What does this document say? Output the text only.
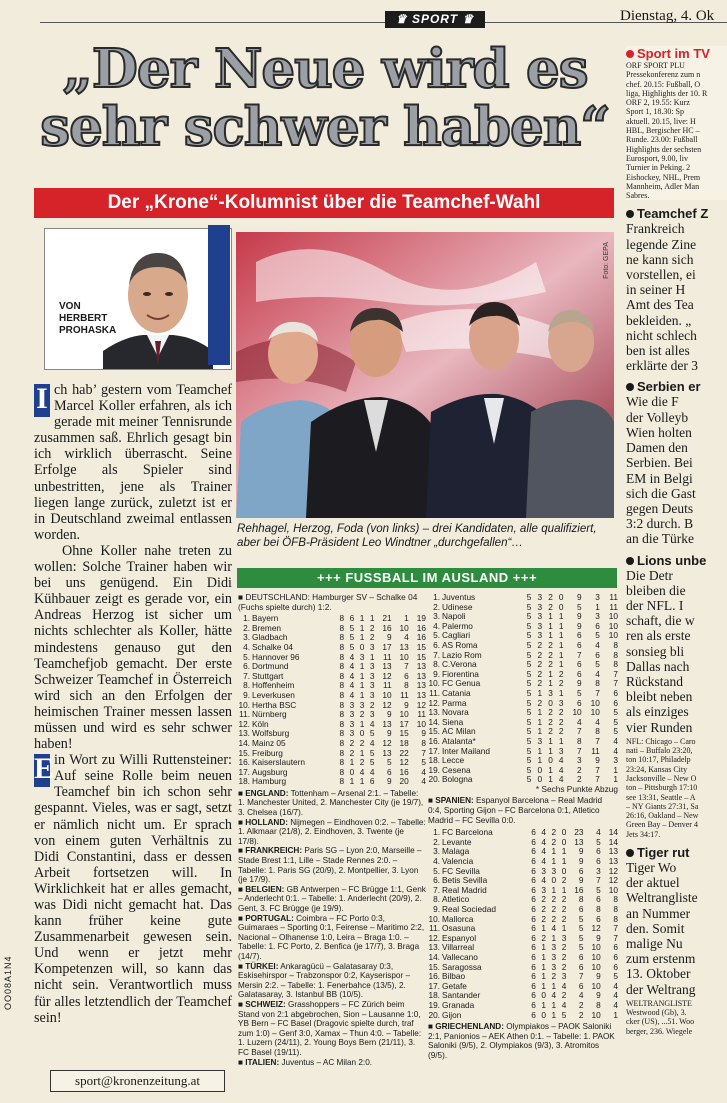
♛ SPORT ♛	Dienstag, 4. Ok
„Der Neue wird es
sehr schwer haben“
Der „Krone“-Kolumnist über die Teamchef-Wahl
VON
HERBERT
PROHASKA

I ch hab’ gestern vom Teamchef Marcel Koller erfahren, als ich gerade mit meiner Tennisrunde zusammen saß. Ehrlich gesagt bin ich wirklich überrascht. Seine Erfolge als Spieler sind unbestritten, jene als Trainer liegen lange zurück, zuletzt ist er in Deutschland zweimal entlassen worden.

Ohne Koller nahe treten zu wollen: Solche Trainer haben wir bei uns genügend. Ein Didi Kühbauer zeigt es gerade vor, ein Andreas Herzog ist sicher um nichts schlechter als Koller, hätte mindestens genauso gut den Teamchefjob gemacht. Der erste Schweizer Teamchef in Österreich wird sich an den Erfolgen der heimischen Trainer messen lassen müssen und wird es sehr schwer haben!

E in Wort zu Willi Ruttensteiner: Auf seine Rolle beim neuen Teamchef bin ich schon sehr gespannt. Vieles, was er sagt, setzt er nämlich nicht um. Er sprach von einem guten Verhältnis zu Didi Constantini, dass er dessen Arbeit fortsetzen will. In Wirklichkeit hat er alles gemacht, was Didi nicht gemacht hat. Das kann früher keine gute Zusammenarbeit gewesen sein. Und wenn er jetzt mehr Kompetenzen will, so kann das nicht sein. Verantwortlich muss für alles letztendlich der Teamchef sein!

sport@kronenzeitung.at
OO08A1N4
Foto: GEPA
Rehhagel, Herzog, Foda (von links) – drei Kandidaten, alle qualifiziert, aber bei ÖFB-Präsident Leo Windtner „durchgefallen“…
+++ FUSSBALL IM AUSLAND +++
■ DEUTSCHLAND: Hamburger SV – Schalke 04 (Fuchs spielte durch) 1:2.
1.	Bayern	8	6	1	1	21	1	19
2.	Bremen	8	5	1	2	16	10	16
3.	Gladbach	8	5	1	2	9	4	16
4.	Schalke 04	8	5	0	3	17	13	15
5.	Hannover 96	8	4	3	1	11	10	15
6.	Dortmund	8	4	1	3	13	7	13
7.	Stuttgart	8	4	1	3	12	6	13
8.	Hoffenheim	8	4	1	3	11	8	13
9.	Leverkusen	8	4	1	3	10	11	13
10.	Hertha BSC	8	3	3	2	12	9	12
11.	Nürnberg	8	3	2	3	9	10	11
12.	Köln	8	3	1	4	13	17	10
13.	Wolfsburg	8	3	0	5	9	15	9
14.	Mainz 05	8	2	2	4	12	18	8
15.	Freiburg	8	2	1	5	13	22	7
16.	Kaiserslautern	8	1	2	5	5	12	5
17.	Augsburg	8	0	4	4	6	16	4
18.	Hamburg	8	1	1	6	9	20	4
■ ENGLAND: Tottenham – Arsenal 2:1. – Tabelle: 1. Manchester United, 2. Manchester City (je 19/7), 3. Chelsea (16/7).
■ HOLLAND: Nijmegen – Eindhoven 0:2. – Tabelle: 1. Alkmaar (21/8), 2. Eindhoven, 3. Twente (je 17/8).
■ FRANKREICH: Paris SG – Lyon 2:0, Marseille – Stade Brest 1:1, Lille – Stade Rennes 2:0. – Tabelle: 1. Paris SG (20/9), 2. Montpellier, 3. Lyon (je 17/9).
■ BELGIEN: GB Antwerpen – FC Brügge 1:1, Genk – Anderlecht 0:1. – Tabelle: 1. Anderlecht (20/9), 2. Gent, 3. FC Brügge (je 19/9).
■ PORTUGAL: Coimbra – FC Porto 0:3, Guimaraes – Sporting 0:1, Feirense – Maritimo 2:2, Nacional – Olhanense 1:0, Leira – Braga 1:0. – Tabelle: 1. FC Porto, 2. Benfica (je 17/7), 3. Braga (14/7).
■ TÜRKEI: Ankaragücü – Galatasaray 0:3, Eskisehirspor – Trabzonspor 0:2, Kayserispor – Mersin 2:2. – Tabelle: 1. Fenerbahce (13/5), 2. Galatasaray, 3. Istanbul BB (10/5).
■ SCHWEIZ: Grasshoppers – FC Zürich beim Stand von 2:1 abgebrochen, Sion – Lausanne 1:0, YB Bern – FC Basel (Dragovic spielte durch, traf zum 1:0) – Genf 3:0, Xamax – Thun 4:0. – Tabelle: 1. Luzern (24/11), 2. Young Boys Bern (21/11), 3. FC Basel (19/11).
■ ITALIEN: Juventus – AC Milan 2:0.
1.	Juventus	5	3	2	0	9	3	11
2.	Udinese	5	3	2	0	5	1	11
3.	Napoli	5	3	1	1	9	3	10
4.	Palermo	5	3	1	1	9	6	10
5.	Cagliari	5	3	1	1	6	5	10
6.	AS Roma	5	2	2	1	6	4	8
7.	Lazio Rom	5	2	2	1	7	6	8
8.	C.Verona	5	2	2	1	6	5	8
9.	Fiorentina	5	2	1	2	6	4	7
10.	FC Genua	5	2	1	2	9	8	7
11.	Catania	5	1	3	1	5	7	6
12.	Parma	5	2	0	3	6	10	6
13.	Novara	5	1	2	2	10	10	5
14.	Siena	5	1	2	2	4	4	5
15.	AC Milan	5	1	2	2	7	8	5
16.	Atalanta*	5	3	1	1	8	7	4
17.	Inter Mailand	5	1	1	3	7	11	4
18.	Lecce	5	1	0	4	3	9	3
19.	Cesena	5	0	1	4	2	7	1
20.	Bologna	5	0	1	4	2	7	1
* Sechs Punkte Abzug
■ SPANIEN: Espanyol Barcelona – Real Madrid 0:4, Sporting Gijon – FC Barcelona 0:1, Atletico Madrid – FC Sevilla 0:0.
1.	FC Barcelona	6	4	2	0	23	4	14
2.	Levante	6	4	2	0	13	5	14
3.	Malaga	6	4	1	1	9	6	13
4.	Valencia	6	4	1	1	9	6	13
5.	FC Sevilla	6	3	3	0	6	3	12
6.	Betis Sevilla	6	4	0	2	9	7	12
7.	Real Madrid	6	3	1	1	16	5	10
8.	Atletico	6	2	2	2	8	6	8
9.	Real Sociedad	6	2	2	2	6	8	8
10.	Mallorca	6	2	2	2	5	6	8
11.	Osasuna	6	1	4	1	5	12	7
12.	Espanyol	6	2	1	3	5	9	7
13.	Villarreal	6	1	3	2	5	10	6
14.	Vallecano	6	1	3	2	6	10	6
15.	Saragossa	6	1	3	2	6	10	6
16.	Bilbao	6	1	2	3	7	9	5
17.	Getafe	6	1	1	4	6	10	4
18.	Santander	6	0	4	2	4	9	4
19.	Granada	6	1	1	4	2	8	4
20.	Gijon	6	0	1	5	2	10	1
■ GRIECHENLAND: Olympiakos – PAOK Saloniki 2:1, Panionios – AEK Athen 0:1. – Tabelle: 1. PAOK Saloniki (9/5), 2. Olympiakos (9/3), 3. Atromitos (9/5).
Sport im TV
ORF SPORT PLU
Pressekonferenz zum n
chef. 20.15: Fußball, O
liga, Highlights der 10. R
ORF 2, 19.55: Kurz
Sport 1, 18.30: Sp
aktuell. 20.15, live: H
HBL, Bergischer HC –
Runde. 23.00: Fußball
Highlights der sechsten
Eurosport, 9.00, liv
Turnier in Peking. 2
Eishockey, NHL, Prem
Mannheim, Adler Man
Sabres.
Teamchef Z
Frankreich
legende Zine
ne kann sich
vorstellen, ei
in seiner H
Amt des Tea
bekleiden. „
nicht schlech
ben ist alles
erklärte der 3
Serbien er
Wie die F
der Volleyb
Wien holten
Damen den
Serbien. Bei
EM in Belgi
sich die Gast
gegen Deuts
3:2 durch. B
an die Türke
Lions unbe
Die Detr
bleiben die
der NFL. I
schaft, die w
ren als erste
sonsieg bli
Dallas nach
Rückstand
bleibt neben
als einziges
vier Runden
NFL: Chicago – Caro
nati – Buffalo 23:20,
ton 10:17, Philadelp
23:24, Kansas City
Jacksonville – New O
ton – Pittsburgh 17:10
see 13:31, Seattle – A
– NY Giants 27:31, Sa
26:16, Oakland – New
Green Bay – Denver 4
Jets 34:17.
Tiger rut
Tiger Wo
der aktuel
Weltrangliste
an Nummer
den. Somit
malige Nu
zum erstenm
13. Oktober
der Weltrang
WELTRANGLISTE
Westwood (Gb), 3.
cker (US), ...51. Woo
berger, 236. Wiegele
